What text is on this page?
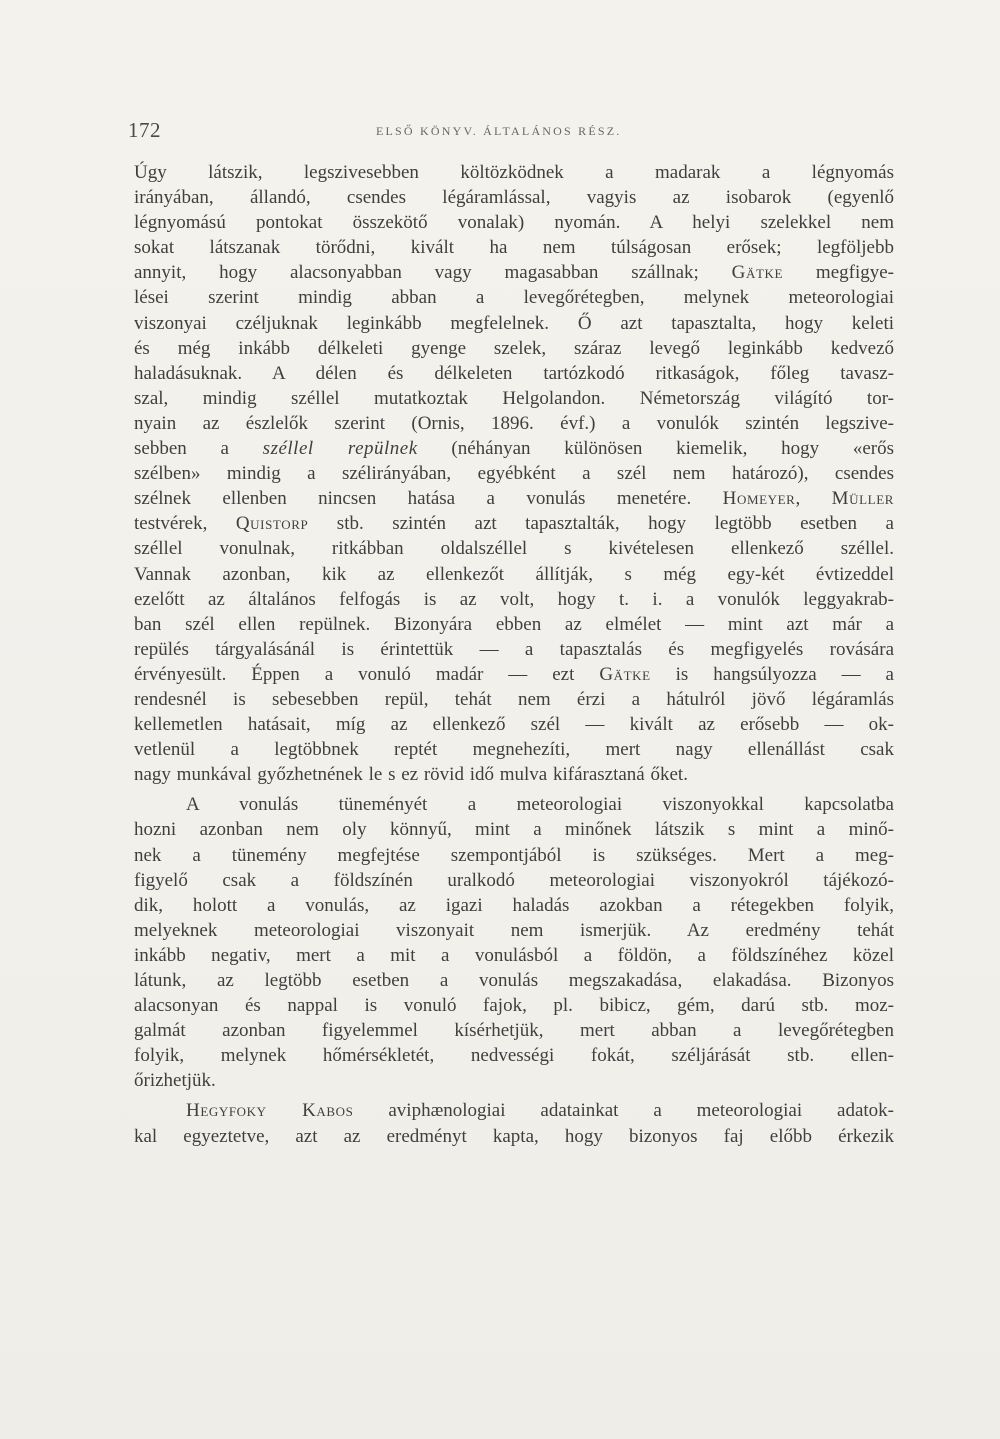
172	ELSŐ KÖNYV. ÁLTALÁNOS RÉSZ.
Úgy látszik, legszivesebben költözködnek a madarak a légnyomás
irányában, állandó, csendes légáramlással, vagyis az isobarok (egyenlő
légnyomású pontokat összekötő vonalak) nyomán. A helyi szelekkel nem
sokat látszanak törődni, kivált ha nem túlságosan erősek; legföljebb
annyit, hogy alacsonyabban vagy magasabban szállnak; Gätke megfigye-
lései szerint mindig abban a levegőrétegben, melynek meteorologiai
viszonyai czéljuknak leginkább megfelelnek. Ő azt tapasztalta, hogy keleti
és még inkább délkeleti gyenge szelek, száraz levegő leginkább kedvező
haladásuknak. A délen és délkeleten tartózkodó ritkaságok, főleg tavasz-
szal, mindig széllel mutatkoztak Helgolandon. Németország világító tor-
nyain az észlelők szerint (Ornis, 1896. évf.) a vonulók szintén legszive-
sebben a széllel repülnek (néhányan különösen kiemelik, hogy «erős
szélben» mindig a szélirányában, egyébként a szél nem határozó), csendes
szélnek ellenben nincsen hatása a vonulás menetére. Homeyer, Müller
testvérek, Quistorp stb. szintén azt tapasztalták, hogy legtöbb esetben a
széllel vonulnak, ritkábban oldalszéllel s kivételesen ellenkező széllel.
Vannak azonban, kik az ellenkezőt állítják, s még egy-két évtizeddel
ezelőtt az általános felfogás is az volt, hogy t. i. a vonulók leggyakrab-
ban szél ellen repülnek. Bizonyára ebben az elmélet — mint azt már a
repülés tárgyalásánál is érintettük — a tapasztalás és megfigyelés rovására
érvényesült. Éppen a vonuló madár — ezt Gätke is hangsúlyozza — a
rendesnél is sebesebben repül, tehát nem érzi a hátulról jövő légáramlás
kellemetlen hatásait, míg az ellenkező szél — kivált az erősebb — ok-
vetlenül a legtöbbnek reptét megnehezíti, mert nagy ellenállást csak
nagy munkával győzhetnének le s ez rövid idő mulva kifárasztaná őket.
A vonulás tüneményét a meteorologiai viszonyokkal kapcsolatba
hozni azonban nem oly könnyű, mint a minőnek látszik s mint a minő-
nek a tünemény megfejtése szempontjából is szükséges. Mert a meg-
figyelő csak a földszínén uralkodó meteorologiai viszonyokról tájékozó-
dik, holott a vonulás, az igazi haladás azokban a rétegekben folyik,
melyeknek meteorologiai viszonyait nem ismerjük. Az eredmény tehát
inkább negativ, mert a mit a vonulásból a földön, a földszínéhez közel
látunk, az legtöbb esetben a vonulás megszakadása, elakadása. Bizonyos
alacsonyan és nappal is vonuló fajok, pl. bibicz, gém, darú stb. moz-
galmát azonban figyelemmel kísérhetjük, mert abban a levegőrétegben
folyik, melynek hőmérsékletét, nedvességi fokát, széljárását stb. ellen-
őrizhetjük.
Hegyfoky Kabos aviphænologiai adatainkat a meteorologiai adatok-
kal egyeztetve, azt az eredményt kapta, hogy bizonyos faj előbb érkezik
